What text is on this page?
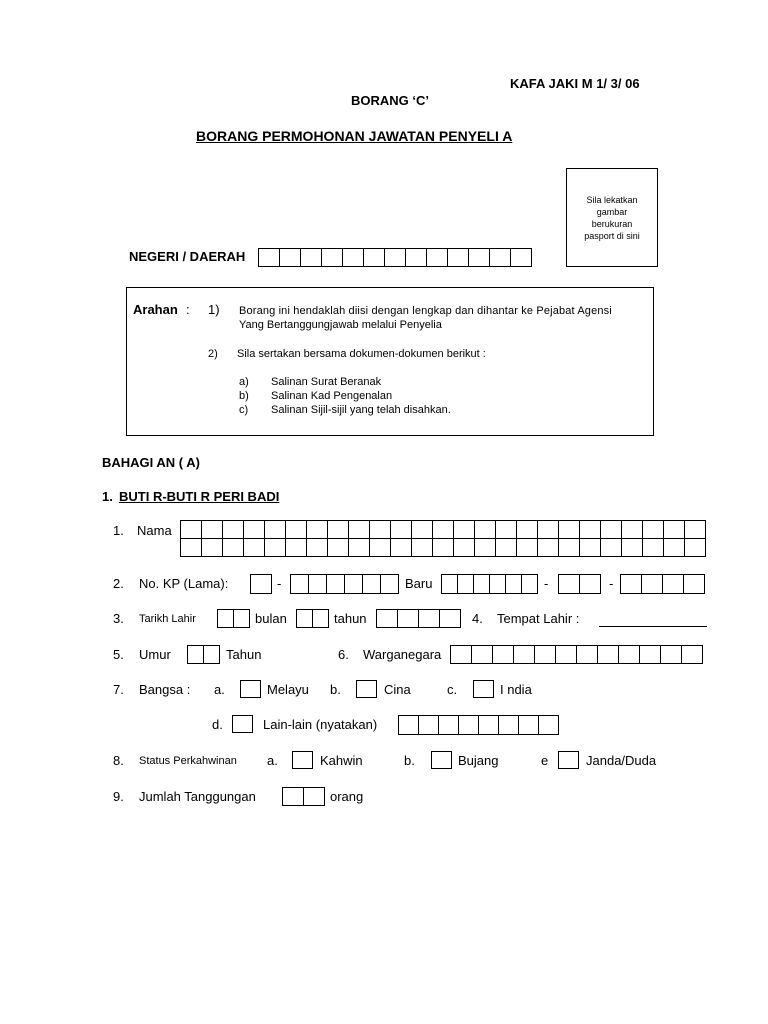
KAFA JAKI M 1/ 3/ 06
BORANG ‘C’
BORANG PERMOHONAN JAWATAN PENYELI A
Sila lekatkan
gambar
berukuran
pasport di sini
NEGERI / DAERAH
Arahan : 1) Borang ini hendaklah diisi dengan lengkap dan dihantar ke Pejabat Agensi
Yang Bertanggungjawab melalui Penyelia
2) Sila sertakan bersama dokumen-dokumen berikut :
a) Salinan Surat Beranak
b) Salinan Kad Pengenalan
c) Salinan Sijil-sijil yang telah disahkan.
BAHAGI AN ( A)
1. BUTI R-BUTI R PERI BADI
1. Nama
2. No. KP (Lama):	-	Baru	-	-
3. Tarikh Lahir	bulan	tahun	4. Tempat Lahir :
5. Umur	Tahun	6. Warganegara
7. Bangsa : a.	Melayu b.	Cina	c.	I ndia
d.	Lain-lain (nyatakan)
8. Status Perkahwinan a.	Kahwin	b.	Bujang	e	Janda/Duda
9. Jumlah Tanggungan	orang
